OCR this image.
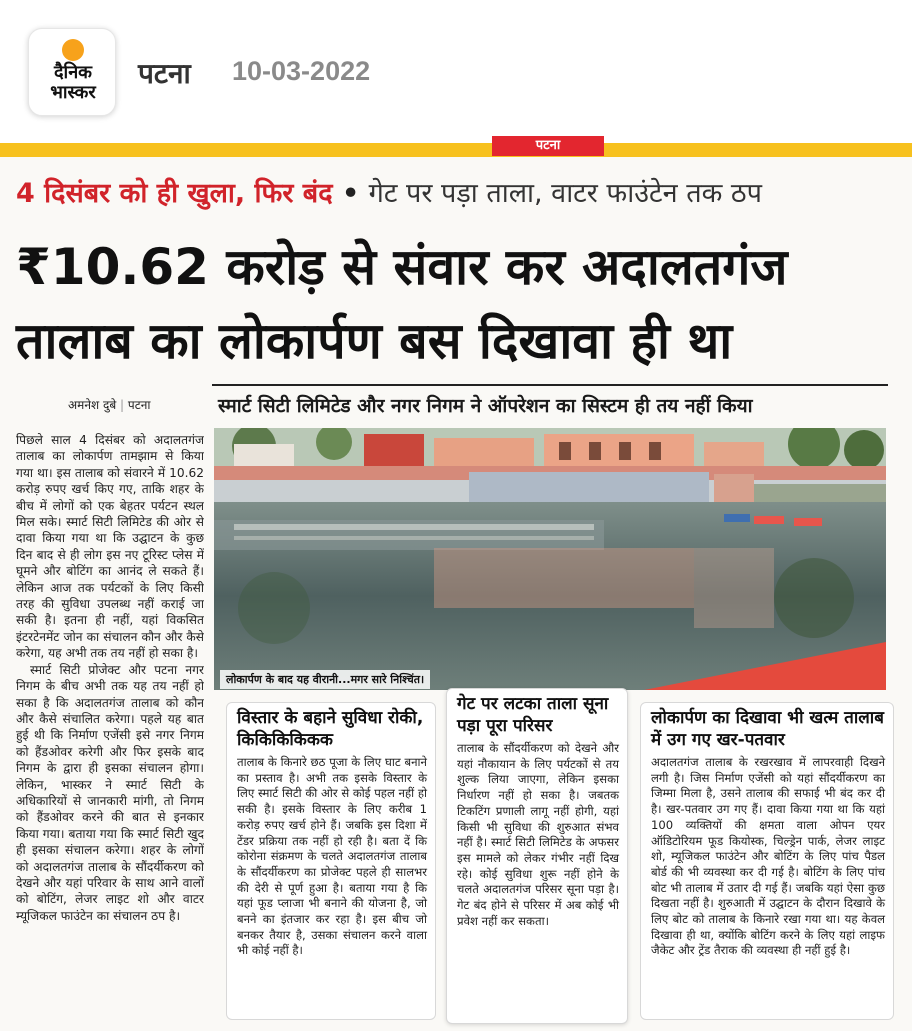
दैनिक
भास्कर
पटना 10-03-2022
पटना
4 दिसंबर को ही खुला, फिर बंद • गेट पर पड़ा ताला, वाटर फाउंटेन तक ठप
₹10.62 करोड़ से संवार कर अदालतगंज
तालाब का लोकार्पण बस दिखावा ही था
अमनेश दुबे | पटना	स्मार्ट सिटी लिमिटेड और नगर निगम ने ऑपरेशन का सिस्टम ही तय नहीं किया
लोकार्पण के बाद यह वीरानी...मगर सारे निश्चिंत।

पिछले साल 4 दिसंबर को अदालतगंज तालाब का लोकार्पण तामझाम से किया गया था। इस तालाब को संवारने में 10.62 करोड़ रुपए खर्च किए गए, ताकि शहर के बीच में लोगों को एक बेहतर पर्यटन स्थल मिल सके। स्मार्ट सिटी लिमिटेड की ओर से दावा किया गया था कि उद्घाटन के कुछ दिन बाद से ही लोग इस नए टूरिस्ट प्लेस में घूमने और बोटिंग का आनंद ले सकते हैं। लेकिन आज तक पर्यटकों के लिए किसी तरह की सुविधा उपलब्ध नहीं कराई जा सकी है। इतना ही नहीं, यहां विकसित इंटरटेनमेंट जोन का संचालन कौन और कैसे करेगा, यह अभी तक तय नहीं हो सका है।

स्मार्ट सिटी प्रोजेक्ट और पटना नगर निगम के बीच अभी तक यह तय नहीं हो सका है कि अदालतगंज तालाब को कौन और कैसे संचालित करेगा। पहले यह बात हुई थी कि निर्माण एजेंसी इसे नगर निगम को हैंडओवर करेगी और फिर इसके बाद निगम के द्वारा ही इसका संचालन होगा। लेकिन, भास्कर ने स्मार्ट सिटी के अधिकारियों से जानकारी मांगी, तो निगम को हैंडओवर करने की बात से इनकार किया गया। बताया गया कि स्मार्ट सिटी खुद ही इसका संचालन करेगा। शहर के लोगों को अदालतगंज तालाब के सौंदर्यीकरण को देखने और यहां परिवार के साथ आने वालों को बोटिंग, लेजर लाइट शो और वाटर म्यूजिकल फाउंटेन का संचालन ठप है।

विस्तार के बहाने सुविधा रोकी, किकिकिकिकक
तालाब के किनारे छठ पूजा के लिए घाट बनाने का प्रस्ताव है। अभी तक इसके विस्तार के लिए स्मार्ट सिटी की ओर से कोई पहल नहीं हो सकी है। इसके विस्तार के लिए करीब 1 करोड़ रुपए खर्च होने हैं। जबकि इस दिशा में टेंडर प्रक्रिया तक नहीं हो रही है। बता दें कि कोरोना संक्रमण के चलते अदालतगंज तालाब के सौंदर्यीकरण का प्रोजेक्ट पहले ही सालभर की देरी से पूर्ण हुआ है। बताया गया है कि यहां फूड प्लाजा भी बनाने की योजना है, जो बनने का इंतजार कर रहा है। इस बीच जो बनकर तैयार है, उसका संचालन करने वाला भी कोई नहीं है।
गेट पर लटका ताला सूना पड़ा पूरा परिसर
तालाब के सौंदर्यीकरण को देखने और यहां नौकायान के लिए पर्यटकों से तय शुल्क लिया जाएगा, लेकिन इसका निर्धारण नहीं हो सका है। जबतक टिकटिंग प्रणाली लागू नहीं होगी, यहां किसी भी सुविधा की शुरुआत संभव नहीं है। स्मार्ट सिटी लिमिटेड के अफसर इस मामले को लेकर गंभीर नहीं दिख रहे। कोई सुविधा शुरू नहीं होने के चलते अदालतगंज परिसर सूना पड़ा है। गेट बंद होने से परिसर में अब कोई भी प्रवेश नहीं कर सकता।
लोकार्पण का दिखावा भी खत्म तालाब में उग गए खर-पतवार
अदालतगंज तालाब के रखरखाव में लापरवाही दिखने लगी है। जिस निर्माण एजेंसी को यहां सौंदर्यीकरण का जिम्मा मिला है, उसने तालाब की सफाई भी बंद कर दी है। खर-पतवार उग गए हैं। दावा किया गया था कि यहां 100 व्यक्तियों की क्षमता वाला ओपन एयर ऑडिटोरियम फूड कियोस्क, चिल्ड्रेन पार्क, लेजर लाइट शो, म्यूजिकल फाउंटेन और बोटिंग के लिए पांच पैडल बोर्ड की भी व्यवस्था कर दी गई है। बोटिंग के लिए पांच बोट भी तालाब में उतार दी गई हैं। जबकि यहां ऐसा कुछ दिखता नहीं है। शुरुआती में उद्घाटन के दौरान दिखावे के लिए बोट को तालाब के किनारे रखा गया था। यह केवल दिखावा ही था, क्योंकि बोटिंग करने के लिए यहां लाइफ जैकेट और ट्रेंड तैराक की व्यवस्था ही नहीं हुई है।
